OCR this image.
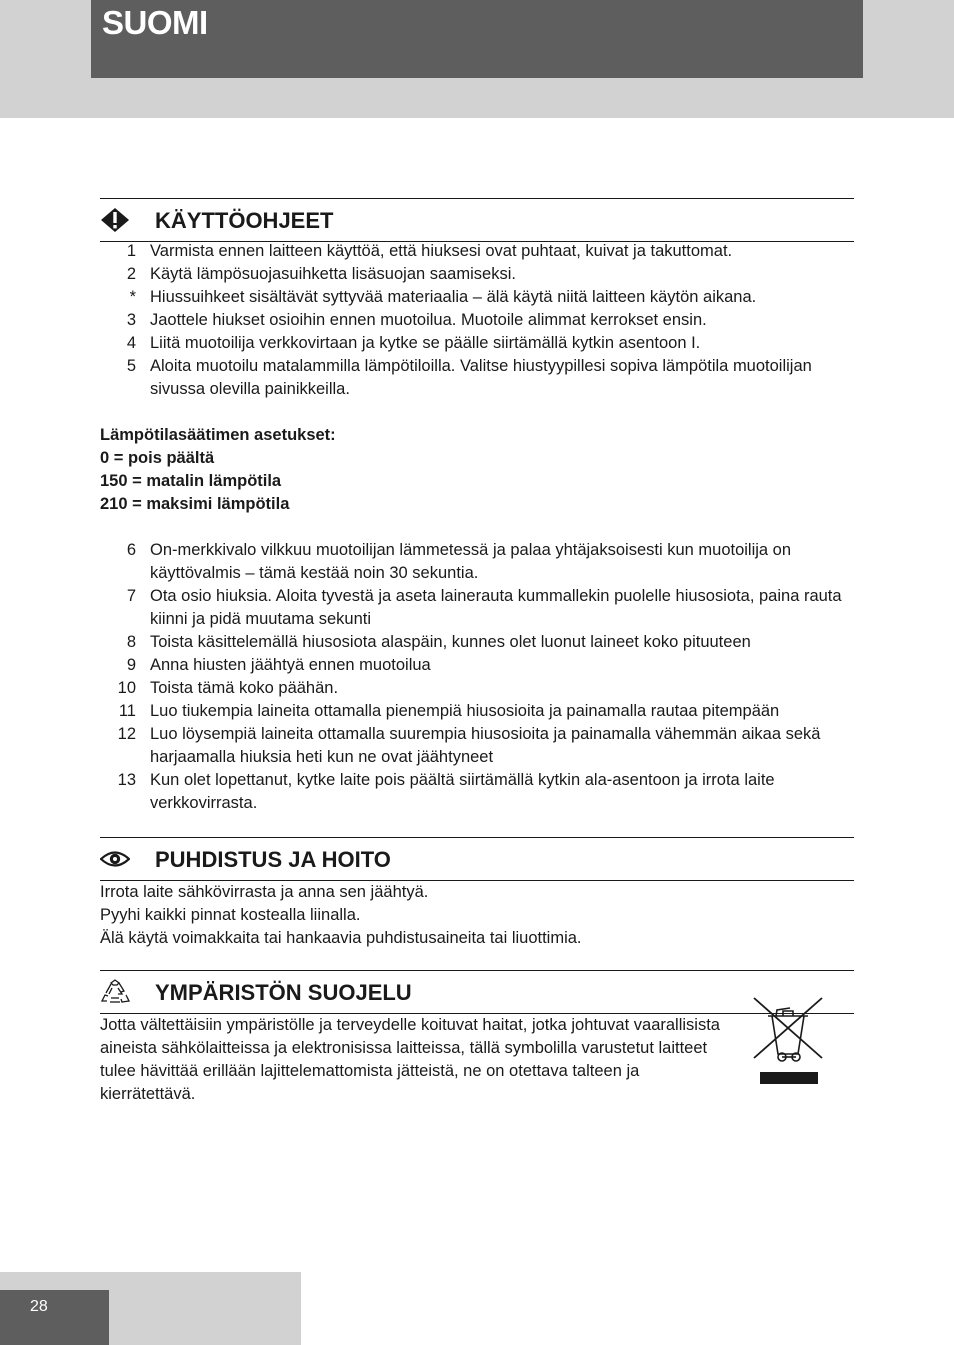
SUOMI
KÄYTTÖOHJEET
1 Varmista ennen laitteen käyttöä, että hiuksesi ovat puhtaat, kuivat ja takuttomat.
2 Käytä lämpösuojasuihketta lisäsuojan saamiseksi.
* Hiussuihkeet sisältävät syttyvää materiaalia – älä käytä niitä laitteen käytön aikana.
3 Jaottele hiukset osioihin ennen muotoilua. Muotoile alimmat kerrokset ensin.
4 Liitä muotoilija verkkovirtaan ja kytke se päälle siirtämällä kytkin asentoon I.
5 Aloita muotoilu matalammilla lämpötiloilla. Valitse hiustyypillesi sopiva lämpötila muotoilijan sivussa olevilla painikkeilla.
Lämpötilasäätimen asetukset:
0 = pois päältä
150 = matalin lämpötila
210 = maksimi lämpötila
6 On-merkkivalo vilkkuu muotoilijan lämmetessä ja palaa yhtäjaksoisesti kun muotoilija on käyttövalmis – tämä kestää noin 30 sekuntia.
7 Ota osio hiuksia. Aloita tyvestä ja aseta lainerauta kummallekin puolelle hiusosiota, paina rauta kiinni ja pidä muutama sekunti
8 Toista käsittelemällä hiusosiota alaspäin, kunnes olet luonut laineet koko pituuteen
9 Anna hiusten jäähtyä ennen muotoilua
10 Toista tämä koko päähän.
11 Luo tiukempia laineita ottamalla pienempiä hiusosioita ja painamalla rautaa pitempään
12 Luo löysempiä laineita ottamalla suurempia hiusosioita ja painamalla vähemmän aikaa sekä harjaamalla hiuksia heti kun ne ovat jäähtyneet
13 Kun olet lopettanut, kytke laite pois päältä siirtämällä kytkin ala-asentoon ja irrota laite verkkovirrasta.
PUHDISTUS JA HOITO
Irrota laite sähkövirrasta ja anna sen jäähtyä.
Pyyhi kaikki pinnat kostealla liinalla.
Älä käytä voimakkaita tai hankaavia puhdistusaineita tai liuottimia.
YMPÄRISTÖN SUOJELU
Jotta vältettäisiin ympäristölle ja terveydelle koituvat haitat, jotka johtuvat vaarallisista aineista sähkölaitteissa ja elektronisissa laitteissa, tällä symbolilla varustetut laitteet tulee hävittää erillään lajittelemattomista jätteistä, ne on otettava talteen ja kierrätettävä.
28
